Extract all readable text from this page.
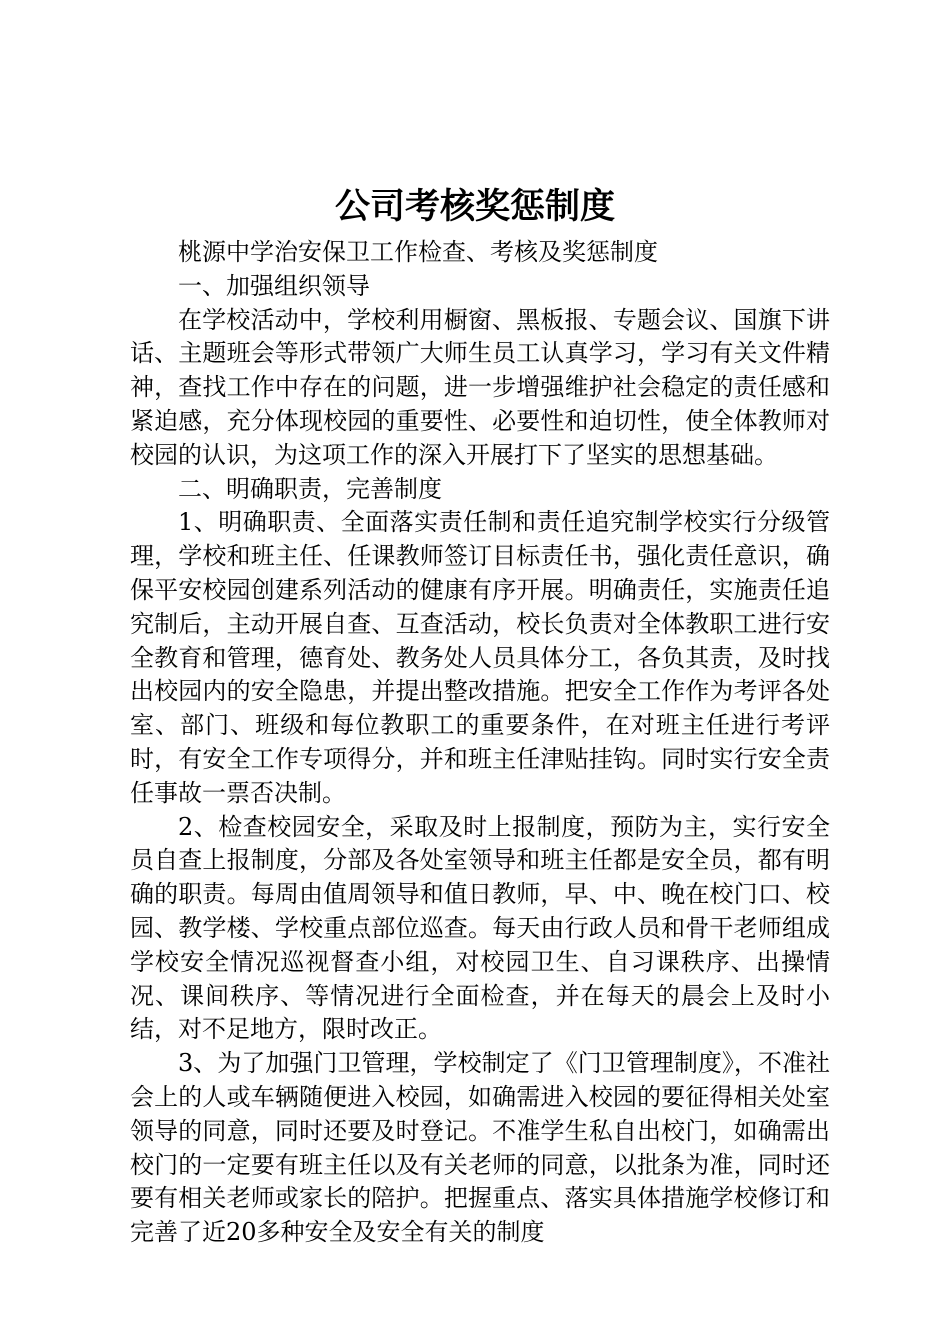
公司考核奖惩制度

桃源中学治安保卫工作检查、考核及奖惩制度

一、加强组织领导

在学校活动中，学校利用橱窗、黑板报、专题会议、国旗下讲话、主题班会等形式带领广大师生员工认真学习，学习有关文件精神，查找工作中存在的问题，进一步增强维护社会稳定的责任感和紧迫感，充分体现校园的重要性、必要性和迫切性，使全体教师对校园的认识，为这项工作的深入开展打下了坚实的思想基础。

二、明确职责，完善制度

1、明确职责、全面落实责任制和责任追究制学校实行分级管理，学校和班主任、任课教师签订目标责任书，强化责任意识，确保平安校园创建系列活动的健康有序开展。明确责任，实施责任追究制后，主动开展自查、互查活动，校长负责对全体教职工进行安全教育和管理，德育处、教务处人员具体分工，各负其责，及时找出校园内的安全隐患，并提出整改措施。把安全工作作为考评各处室、部门、班级和每位教职工的重要条件，在对班主任进行考评时，有安全工作专项得分，并和班主任津贴挂钩。同时实行安全责任事故一票否决制。

2、检查校园安全，采取及时上报制度，预防为主，实行安全员自查上报制度，分部及各处室领导和班主任都是安全员，都有明确的职责。每周由值周领导和值日教师，早、中、晚在校门口、校园、教学楼、学校重点部位巡查。每天由行政人员和骨干老师组成学校安全情况巡视督查小组，对校园卫生、自习课秩序、出操情况、课间秩序、等情况进行全面检查，并在每天的晨会上及时小结，对不足地方，限时改正。

3、为了加强门卫管理，学校制定了《门卫管理制度》，不准社会上的人或车辆随便进入校园，如确需进入校园的要征得相关处室领导的同意，同时还要及时登记。不准学生私自出校门，如确需出校门的一定要有班主任以及有关老师的同意，以批条为准，同时还要有相关老师或家长的陪护。把握重点、落实具体措施学校修订和完善了近20多种安全及安全有关的制度
